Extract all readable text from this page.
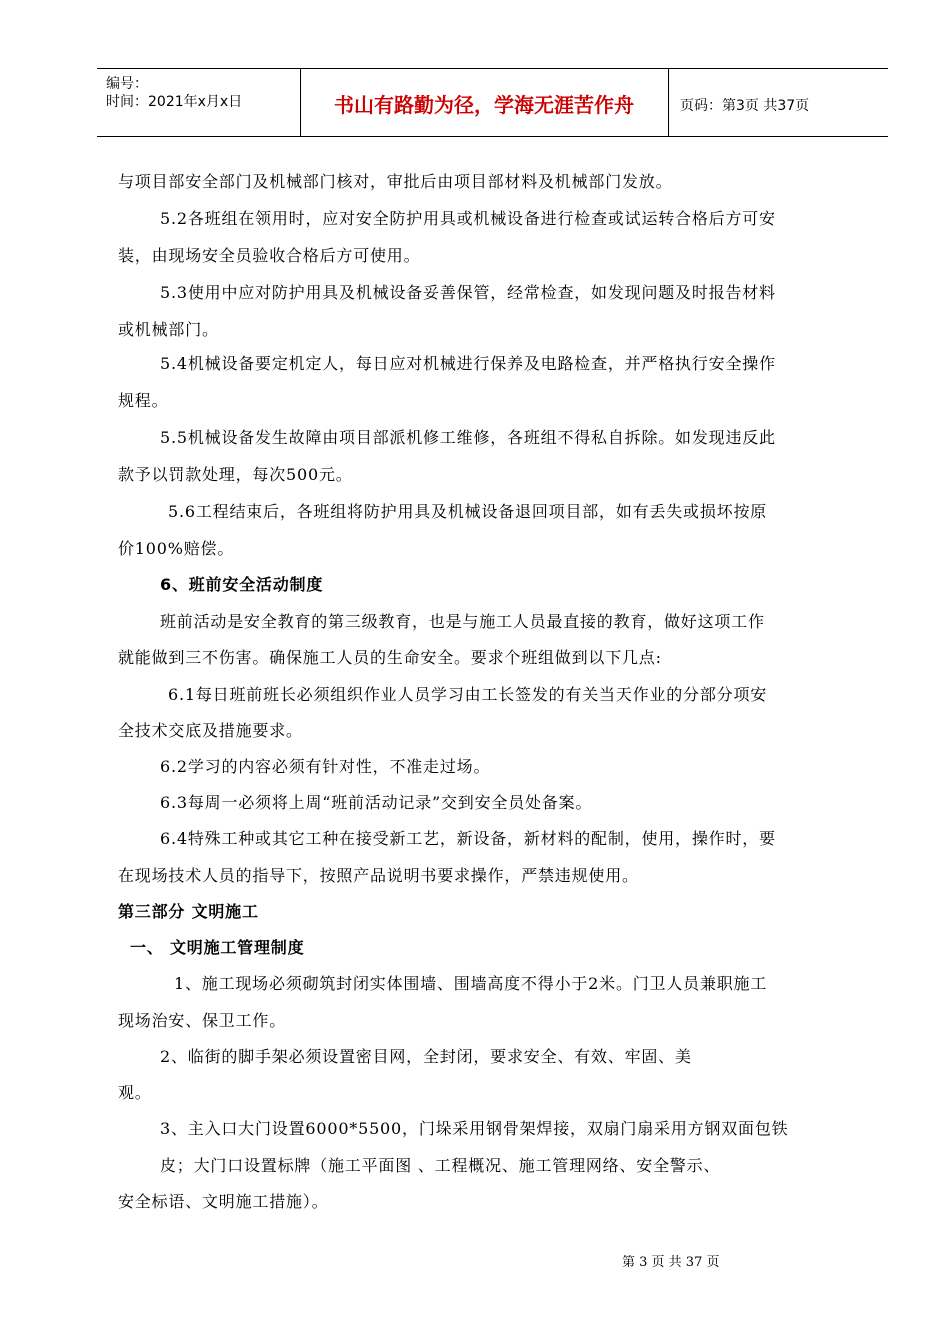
编号：
时间：2021年x月x日	书山有路勤为径，学海无涯苦作舟	页码：第3页 共37页
与项目部安全部门及机械部门核对，审批后由项目部材料及机械部门发放。
5.2各班组在领用时，应对安全防护用具或机械设备进行检查或试运转合格后方可安
装，由现场安全员验收合格后方可使用。
5.3使用中应对防护用具及机械设备妥善保管，经常检查，如发现问题及时报告材料
或机械部门。
5.4机械设备要定机定人，每日应对机械进行保养及电路检查，并严格执行安全操作
规程。
5.5机械设备发生故障由项目部派机修工维修，各班组不得私自拆除。如发现违反此
款予以罚款处理，每次500元。
5.6工程结束后，各班组将防护用具及机械设备退回项目部，如有丢失或损坏按原
价100%赔偿。
6、班前安全活动制度
班前活动是安全教育的第三级教育，也是与施工人员最直接的教育，做好这项工作
就能做到三不伤害。确保施工人员的生命安全。要求个班组做到以下几点:
6.1每日班前班长必须组织作业人员学习由工长签发的有关当天作业的分部分项安
全技术交底及措施要求。
6.2学习的内容必须有针对性，不准走过场。
6.3每周一必须将上周“班前活动记录”交到安全员处备案。
6.4特殊工种或其它工种在接受新工艺，新设备，新材料的配制，使用，操作时，要
在现场技术人员的指导下，按照产品说明书要求操作，严禁违规使用。
第三部分 文明施工
一、 文明施工管理制度
1、施工现场必须砌筑封闭实体围墙、围墙高度不得小于2米。门卫人员兼职施工
现场治安、保卫工作。
2、临街的脚手架必须设置密目网，全封闭，要求安全、有效、牢固、美
观。
3、主入口大门设置6000*5500，门垛采用钢骨架焊接，双扇门扇采用方钢双面包铁
皮；大门口设置标牌（施工平面图 、工程概况、施工管理网络、安全警示、
安全标语、文明施工措施）。
第 3 页 共 37 页
